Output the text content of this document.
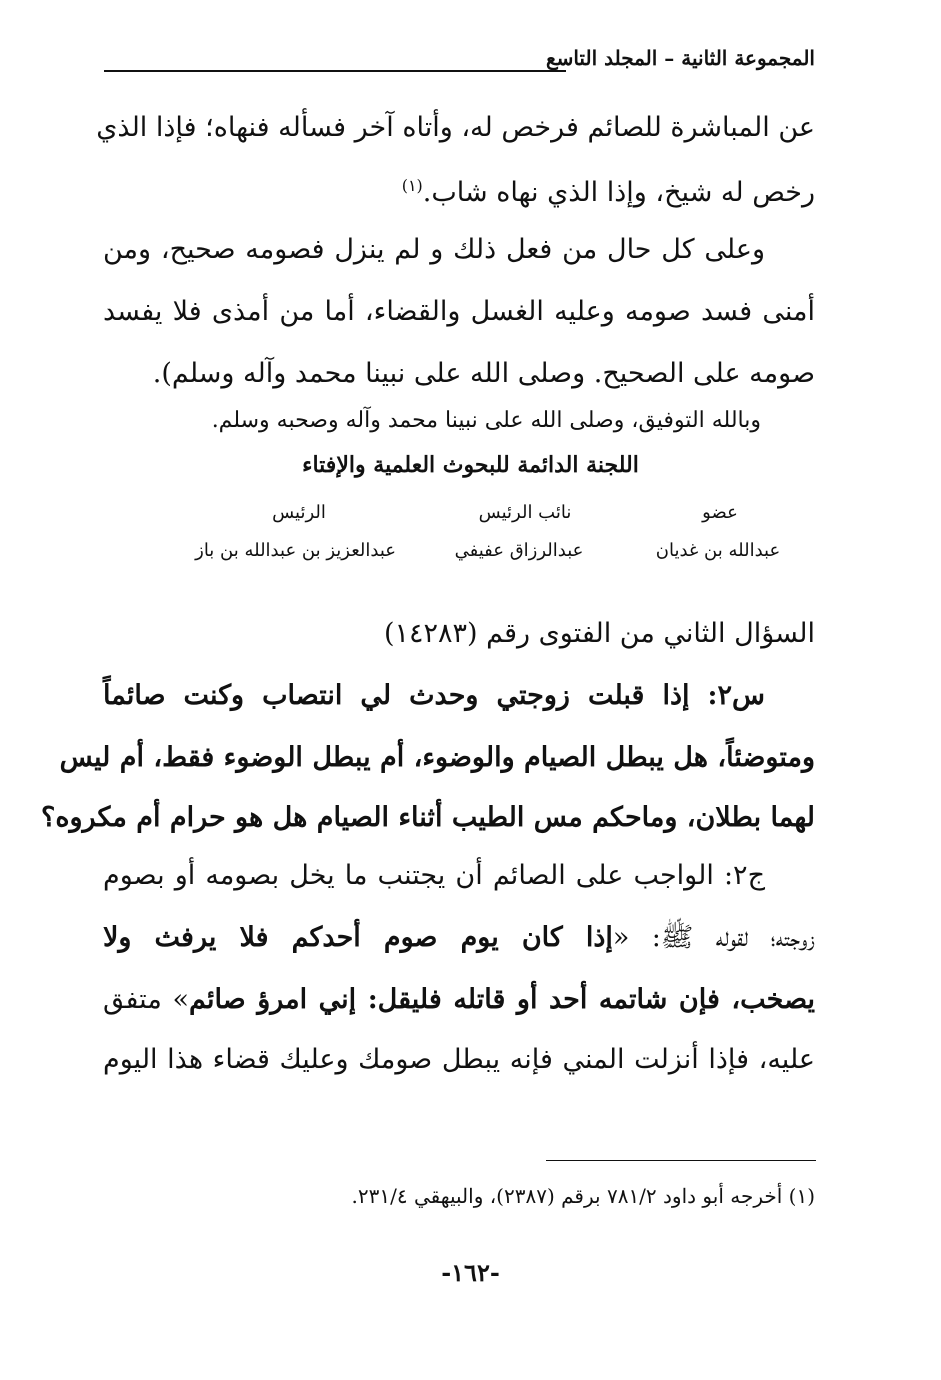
المجموعة الثانية – المجلد التاسع
عن المباشرة للصائم فرخص له، وأتاه آخر فسأله فنهاه؛ فإذا الذي
رخص له شيخ، وإذا الذي نهاه شاب.$^{(١)}$
وعلى كل حال من فعل ذلك و لم ينزل فصومه صحيح، ومن
أمنى فسد صومه وعليه الغسل والقضاء، أما من أمذى فلا يفسد
صومه على الصحيح. وصلى الله على نبينا محمد وآله وسلم).
وبالله التوفيق، وصلى الله على نبينا محمد وآله وصحبه وسلم.
اللجنة الدائمة للبحوث العلمية والإفتاء
الرئيس	نائب الرئيس	عضو
عبدالعزيز بن عبدالله بن باز	عبدالرزاق عفيفي	عبدالله بن غديان
السؤال الثاني من الفتوى رقم (١٤٢٨٣)
س٢: إذا قبلت زوجتي وحدث لي انتصاب وكنت صائماً
ومتوضئاً، هل يبطل الصيام والوضوء، أم يبطل الوضوء فقط، أم ليس
لهما بطلان، وماحكم مس الطيب أثناء الصيام هل هو حرام أم مكروه؟
ج٢: الواجب على الصائم أن يجتنب ما يخل بصومه أو بصوم
زوجته؛ لقوله ﷺ: «إذا كان يوم صوم أحدكم فلا يرفث ولا
يصخب، فإن شاتمه أحد أو قاتله فليقل: إني امرؤ صائم» متفق
عليه، فإذا أنزلت المني فإنه يبطل صومك وعليك قضاء هذا اليوم
(١) أخرجه أبو داود ٧٨١/٢ برقم (٢٣٨٧)، والبيهقي ٢٣١/٤.
-١٦٢-
